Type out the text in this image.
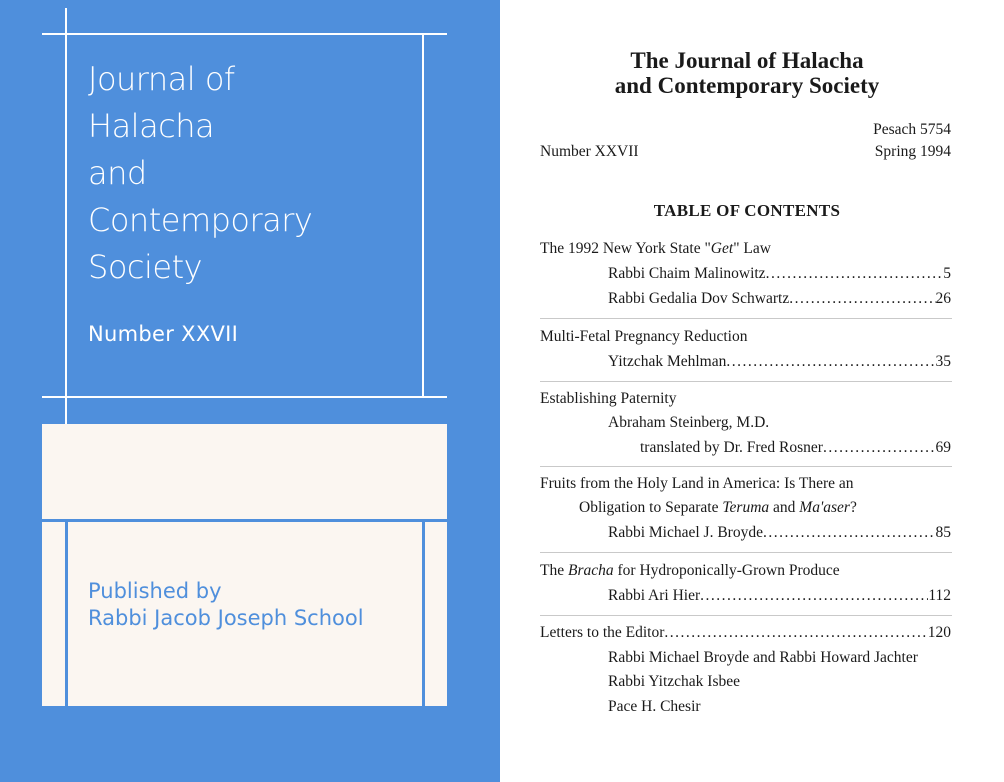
Journal of
Halacha
and
Contemporary
Society
Number XXVII
Published by
Rabbi Jacob Joseph School
The Journal of Halacha
and Contemporary Society
Pesach 5754
Number XXVII	Spring 1994
TABLE OF CONTENTS
The 1992 New York State "Get" Law
Rabbi Chaim Malinowitz .....	5
Rabbi Gedalia Dov Schwartz .....	26
Multi-Fetal Pregnancy Reduction
Yitzchak Mehlman .....	35
Establishing Paternity
Abraham Steinberg, M.D.
translated by Dr. Fred Rosner .....	69
Fruits from the Holy Land in America: Is There an
Obligation to Separate Teruma and Ma'aser?
Rabbi Michael J. Broyde .....	85
The Bracha for Hydroponically-Grown Produce
Rabbi Ari Hier .....	112
Letters to the Editor .....	120
Rabbi Michael Broyde and Rabbi Howard Jachter
Rabbi Yitzchak Isbee
Pace H. Chesir
